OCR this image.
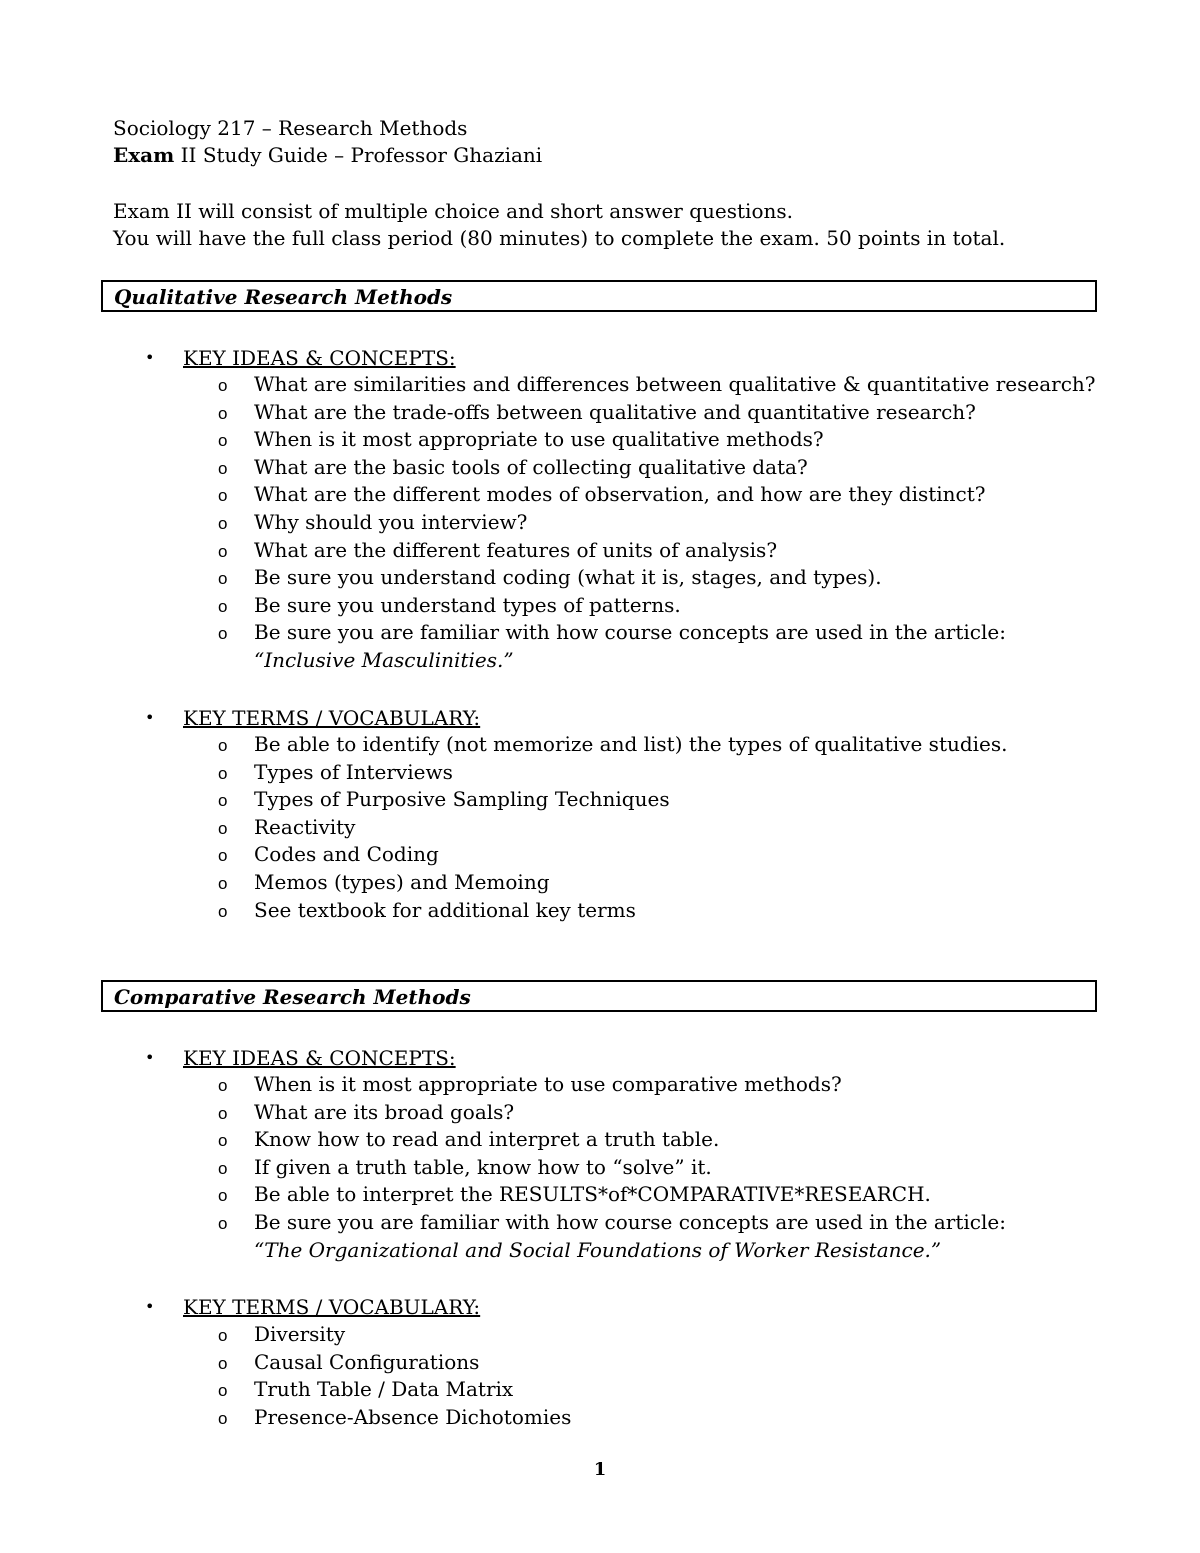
Sociology 217 – Research Methods
Exam II Study Guide – Professor Ghaziani
Exam II will consist of multiple choice and short answer questions.
You will have the full class period (80 minutes) to complete the exam. 50 points in total.
Qualitative Research Methods
• KEY IDEAS & CONCEPTS:
o What are similarities and differences between qualitative & quantitative research?
o What are the trade-offs between qualitative and quantitative research?
o When is it most appropriate to use qualitative methods?
o What are the basic tools of collecting qualitative data?
o What are the different modes of observation, and how are they distinct?
o Why should you interview?
o What are the different features of units of analysis?
o Be sure you understand coding (what it is, stages, and types).
o Be sure you understand types of patterns.
o Be sure you are familiar with how course concepts are used in the article:
“Inclusive Masculinities.”
• KEY TERMS / VOCABULARY:
o Be able to identify (not memorize and list) the types of qualitative studies.
o Types of Interviews
o Types of Purposive Sampling Techniques
o Reactivity
o Codes and Coding
o Memos (types) and Memoing
o See textbook for additional key terms
Comparative Research Methods
• KEY IDEAS & CONCEPTS:
o When is it most appropriate to use comparative methods?
o What are its broad goals?
o Know how to read and interpret a truth table.
o If given a truth table, know how to “solve” it.
o Be able to interpret the RESULTS*of*COMPARATIVE*RESEARCH.
o Be sure you are familiar with how course concepts are used in the article:
“The Organizational and Social Foundations of Worker Resistance.”
• KEY TERMS / VOCABULARY:
o Diversity
o Causal Configurations
o Truth Table / Data Matrix
o Presence-Absence Dichotomies
1
